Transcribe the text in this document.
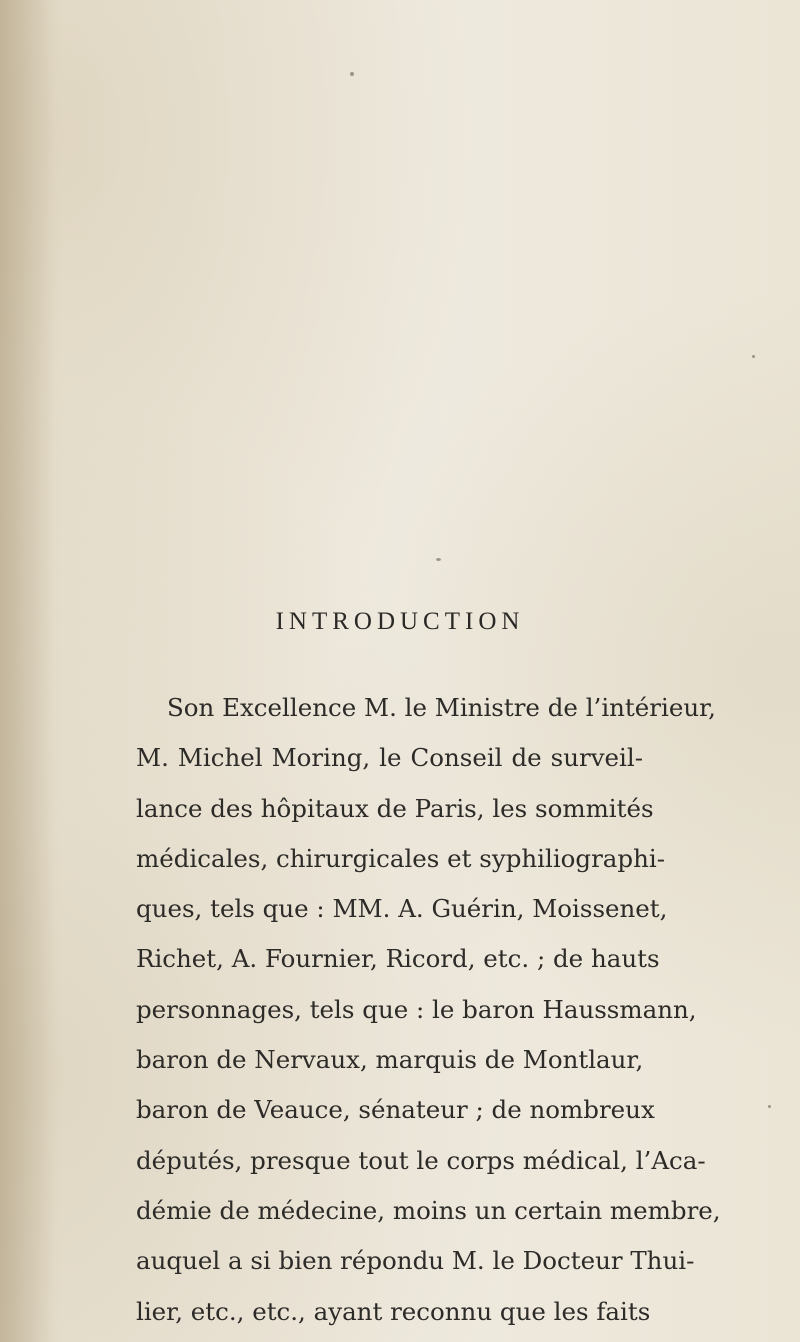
INTRODUCTION
Son Excellence M. le Ministre de l’intérieur,
M. Michel Moring, le Conseil de surveil-
lance des hôpitaux de Paris, les sommités
médicales, chirurgicales et syphiliographi-
ques, tels que : MM. A. Guérin, Moissenet,
Richet, A. Fournier, Ricord, etc. ; de hauts
personnages, tels que : le baron Haussmann,
baron de Nervaux, marquis de Montlaur,
baron de Veauce, sénateur ; de nombreux
députés, presque tout le corps médical, l’Aca-
démie de médecine, moins un certain membre,
auquel a si bien répondu M. le Docteur Thui-
lier, etc., etc., ayant reconnu que les faits
